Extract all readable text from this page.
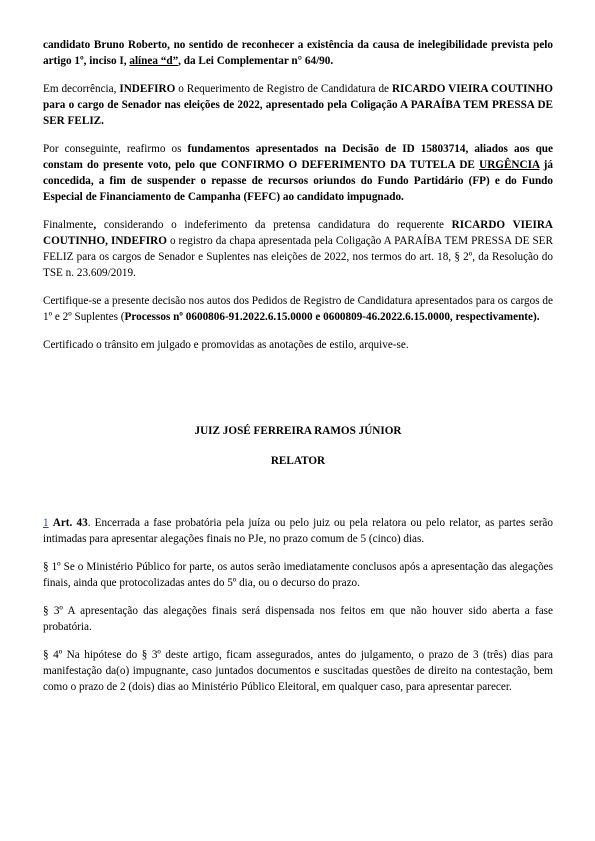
candidato Bruno Roberto, no sentido de reconhecer a existência da causa de inelegibilidade prevista pelo artigo 1º, inciso I, alínea “d”, da Lei Complementar n° 64/90.

Em decorrência, INDEFIRO o Requerimento de Registro de Candidatura de RICARDO VIEIRA COUTINHO para o cargo de Senador nas eleições de 2022, apresentado pela Coligação A PARAÍBA TEM PRESSA DE SER FELIZ.

Por conseguinte, reafirmo os fundamentos apresentados na Decisão de ID 15803714, aliados aos que constam do presente voto, pelo que CONFIRMO O DEFERIMENTO DA TUTELA DE URGÊNCIA já concedida, a fim de suspender o repasse de recursos oriundos do Fundo Partidário (FP) e do Fundo Especial de Financiamento de Campanha (FEFC) ao candidato impugnado.

Finalmente, considerando o indeferimento da pretensa candidatura do requerente RICARDO VIEIRA COUTINHO, INDEFIRO o registro da chapa apresentada pela Coligação A PARAÍBA TEM PRESSA DE SER FELIZ para os cargos de Senador e Suplentes nas eleições de 2022, nos termos do art. 18, § 2º, da Resolução do TSE n. 23.609/2019.

Certifique-se a presente decisão nos autos dos Pedidos de Registro de Candidatura apresentados para os cargos de 1º e 2º Suplentes (Processos nº 0600806-91.2022.6.15.0000 e 0600809-46.2022.6.15.0000, respectivamente).

Certificado o trânsito em julgado e promovidas as anotações de estilo, arquive-se.

JUIZ JOSÉ FERREIRA RAMOS JÚNIOR

RELATOR

1 Art. 43. Encerrada a fase probatória pela juíza ou pelo juiz ou pela relatora ou pelo relator, as partes serão intimadas para apresentar alegações finais no PJe, no prazo comum de 5 (cinco) dias.

§ 1º Se o Ministério Público for parte, os autos serão imediatamente conclusos após a apresentação das alegações finais, ainda que protocolizadas antes do 5º dia, ou o decurso do prazo.

§ 3º A apresentação das alegações finais será dispensada nos feitos em que não houver sido aberta a fase probatória.

§ 4º Na hipótese do § 3º deste artigo, ficam assegurados, antes do julgamento, o prazo de 3 (três) dias para manifestação da(o) impugnante, caso juntados documentos e suscitadas questões de direito na contestação, bem como o prazo de 2 (dois) dias ao Ministério Público Eleitoral, em qualquer caso, para apresentar parecer.
